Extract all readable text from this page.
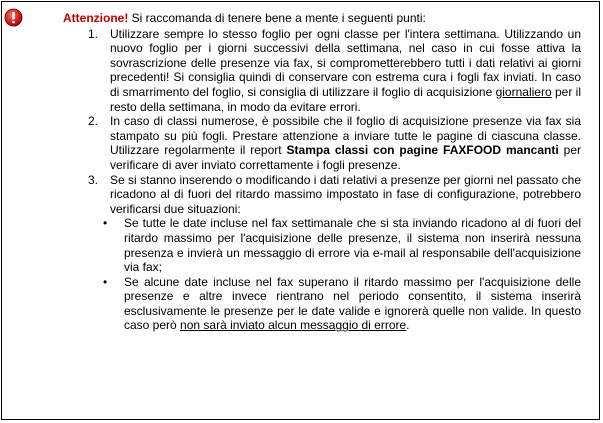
Attenzione! Si raccomanda di tenere bene a mente i seguenti punti:

1. Utilizzare sempre lo stesso foglio per ogni classe per l'intera settimana. Utilizzando un nuovo foglio per i giorni successivi della settimana, nel caso in cui fosse attiva la sovrascrizione delle presenze via fax, si comprometterebbero tutti i dati relativi ai giorni precedenti! Si consiglia quindi di conservare con estrema cura i fogli fax inviati. In caso di smarrimento del foglio, si consiglia di utilizzare il foglio di acquisizione giornaliero per il resto della settimana, in modo da evitare errori.
2. In caso di classi numerose, è possibile che il foglio di acquisizione presenze via fax sia stampato su più fogli. Prestare attenzione a inviare tutte le pagine di ciascuna classe. Utilizzare regolarmente il report Stampa classi con pagine FAXFOOD mancanti per verificare di aver inviato correttamente i fogli presenze.
3. Se si stanno inserendo o modificando i dati relativi a presenze per giorni nel passato che ricadono al di fuori del ritardo massimo impostato in fase di configurazione, potrebbero verificarsi due situazioni:
• Se tutte le date incluse nel fax settimanale che si sta inviando ricadono al di fuori del ritardo massimo per l'acquisizione delle presenze, il sistema non inserirà nessuna presenza e invierà un messaggio di errore via e-mail al responsabile dell'acquisizione via fax;
• Se alcune date incluse nel fax superano il ritardo massimo per l'acquisizione delle presenze e altre invece rientrano nel periodo consentito, il sistema inserirà esclusivamente le presenze per le date valide e ignorerà quelle non valide. In questo caso però non sarà inviato alcun messaggio di errore.
